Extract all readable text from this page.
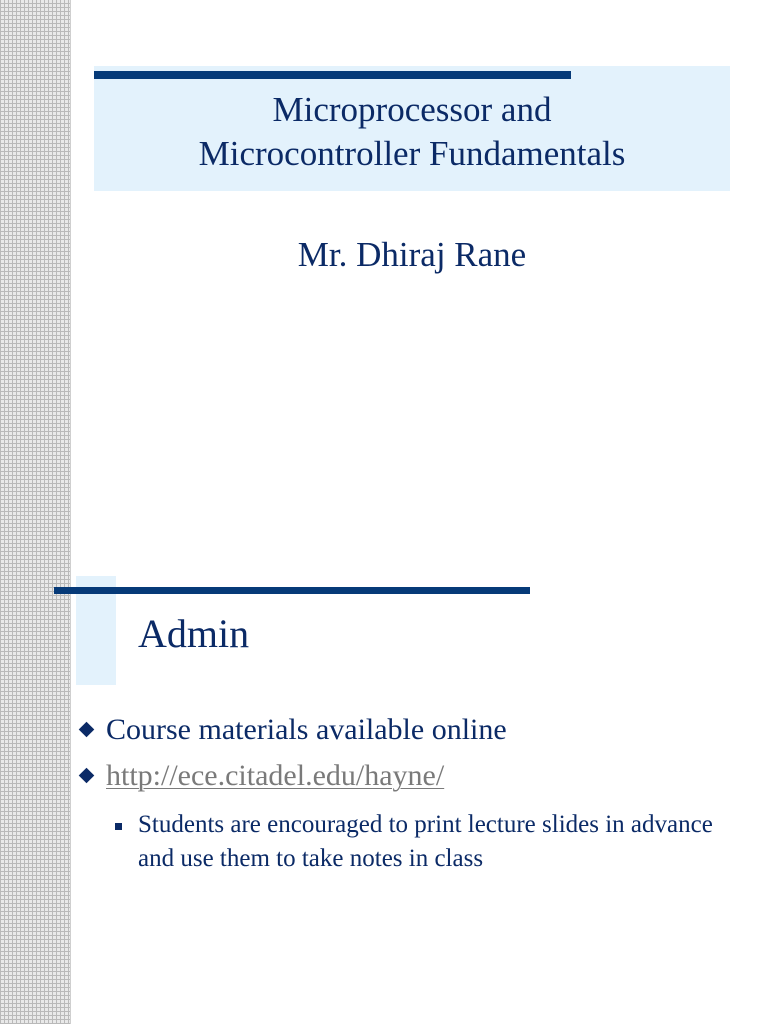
Microprocessor and
Microcontroller Fundamentals
Mr. Dhiraj Rane
Admin
Course materials available online
http://ece.citadel.edu/hayne/
Students are encouraged to print lecture slides in advance and use them to take notes in class
